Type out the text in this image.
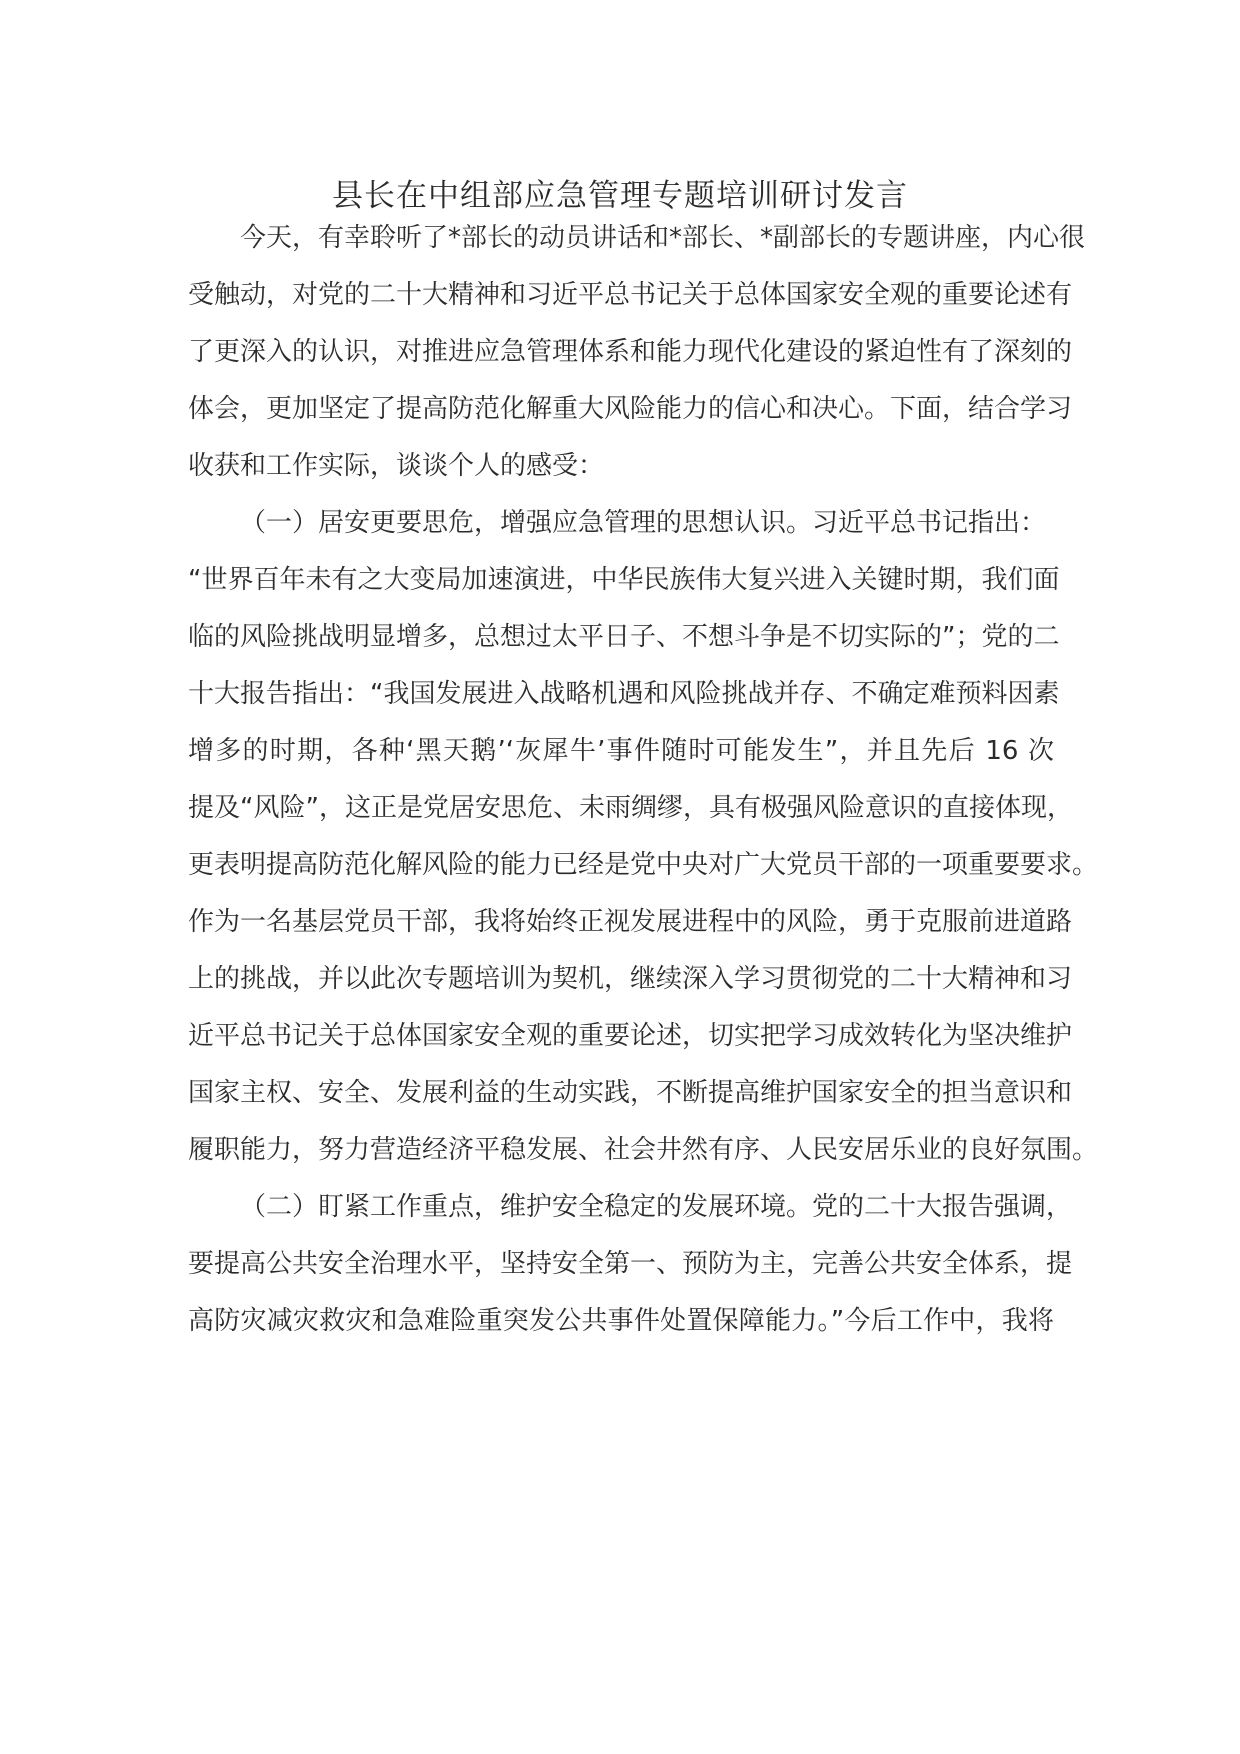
县长在中组部应急管理专题培训研讨发言
今天，有幸聆听了*部长的动员讲话和*部长、*副部长的专题讲座，内心很
受触动，对党的二十大精神和习近平总书记关于总体国家安全观的重要论述有
了更深入的认识，对推进应急管理体系和能力现代化建设的紧迫性有了深刻的
体会，更加坚定了提高防范化解重大风险能力的信心和决心。下面，结合学习
收获和工作实际，谈谈个人的感受：
（一）居安更要思危，增强应急管理的思想认识。习近平总书记指出：
“世界百年未有之大变局加速演进，中华民族伟大复兴进入关键时期，我们面
临的风险挑战明显增多，总想过太平日子、不想斗争是不切实际的”；党的二
十大报告指出：“我国发展进入战略机遇和风险挑战并存、不确定难预料因素
增多的时期，各种‘黑天鹅’‘灰犀牛’事件随时可能发生”，并且先后 16 次
提及“风险”，这正是党居安思危、未雨绸缪，具有极强风险意识的直接体现，
更表明提高防范化解风险的能力已经是党中央对广大党员干部的一项重要要求。
作为一名基层党员干部，我将始终正视发展进程中的风险，勇于克服前进道路
上的挑战，并以此次专题培训为契机，继续深入学习贯彻党的二十大精神和习
近平总书记关于总体国家安全观的重要论述，切实把学习成效转化为坚决维护
国家主权、安全、发展利益的生动实践，不断提高维护国家安全的担当意识和
履职能力，努力营造经济平稳发展、社会井然有序、人民安居乐业的良好氛围。
（二）盯紧工作重点，维护安全稳定的发展环境。党的二十大报告强调，
要提高公共安全治理水平，坚持安全第一、预防为主，完善公共安全体系，提
高防灾减灾救灾和急难险重突发公共事件处置保障能力。”今后工作中，我将
